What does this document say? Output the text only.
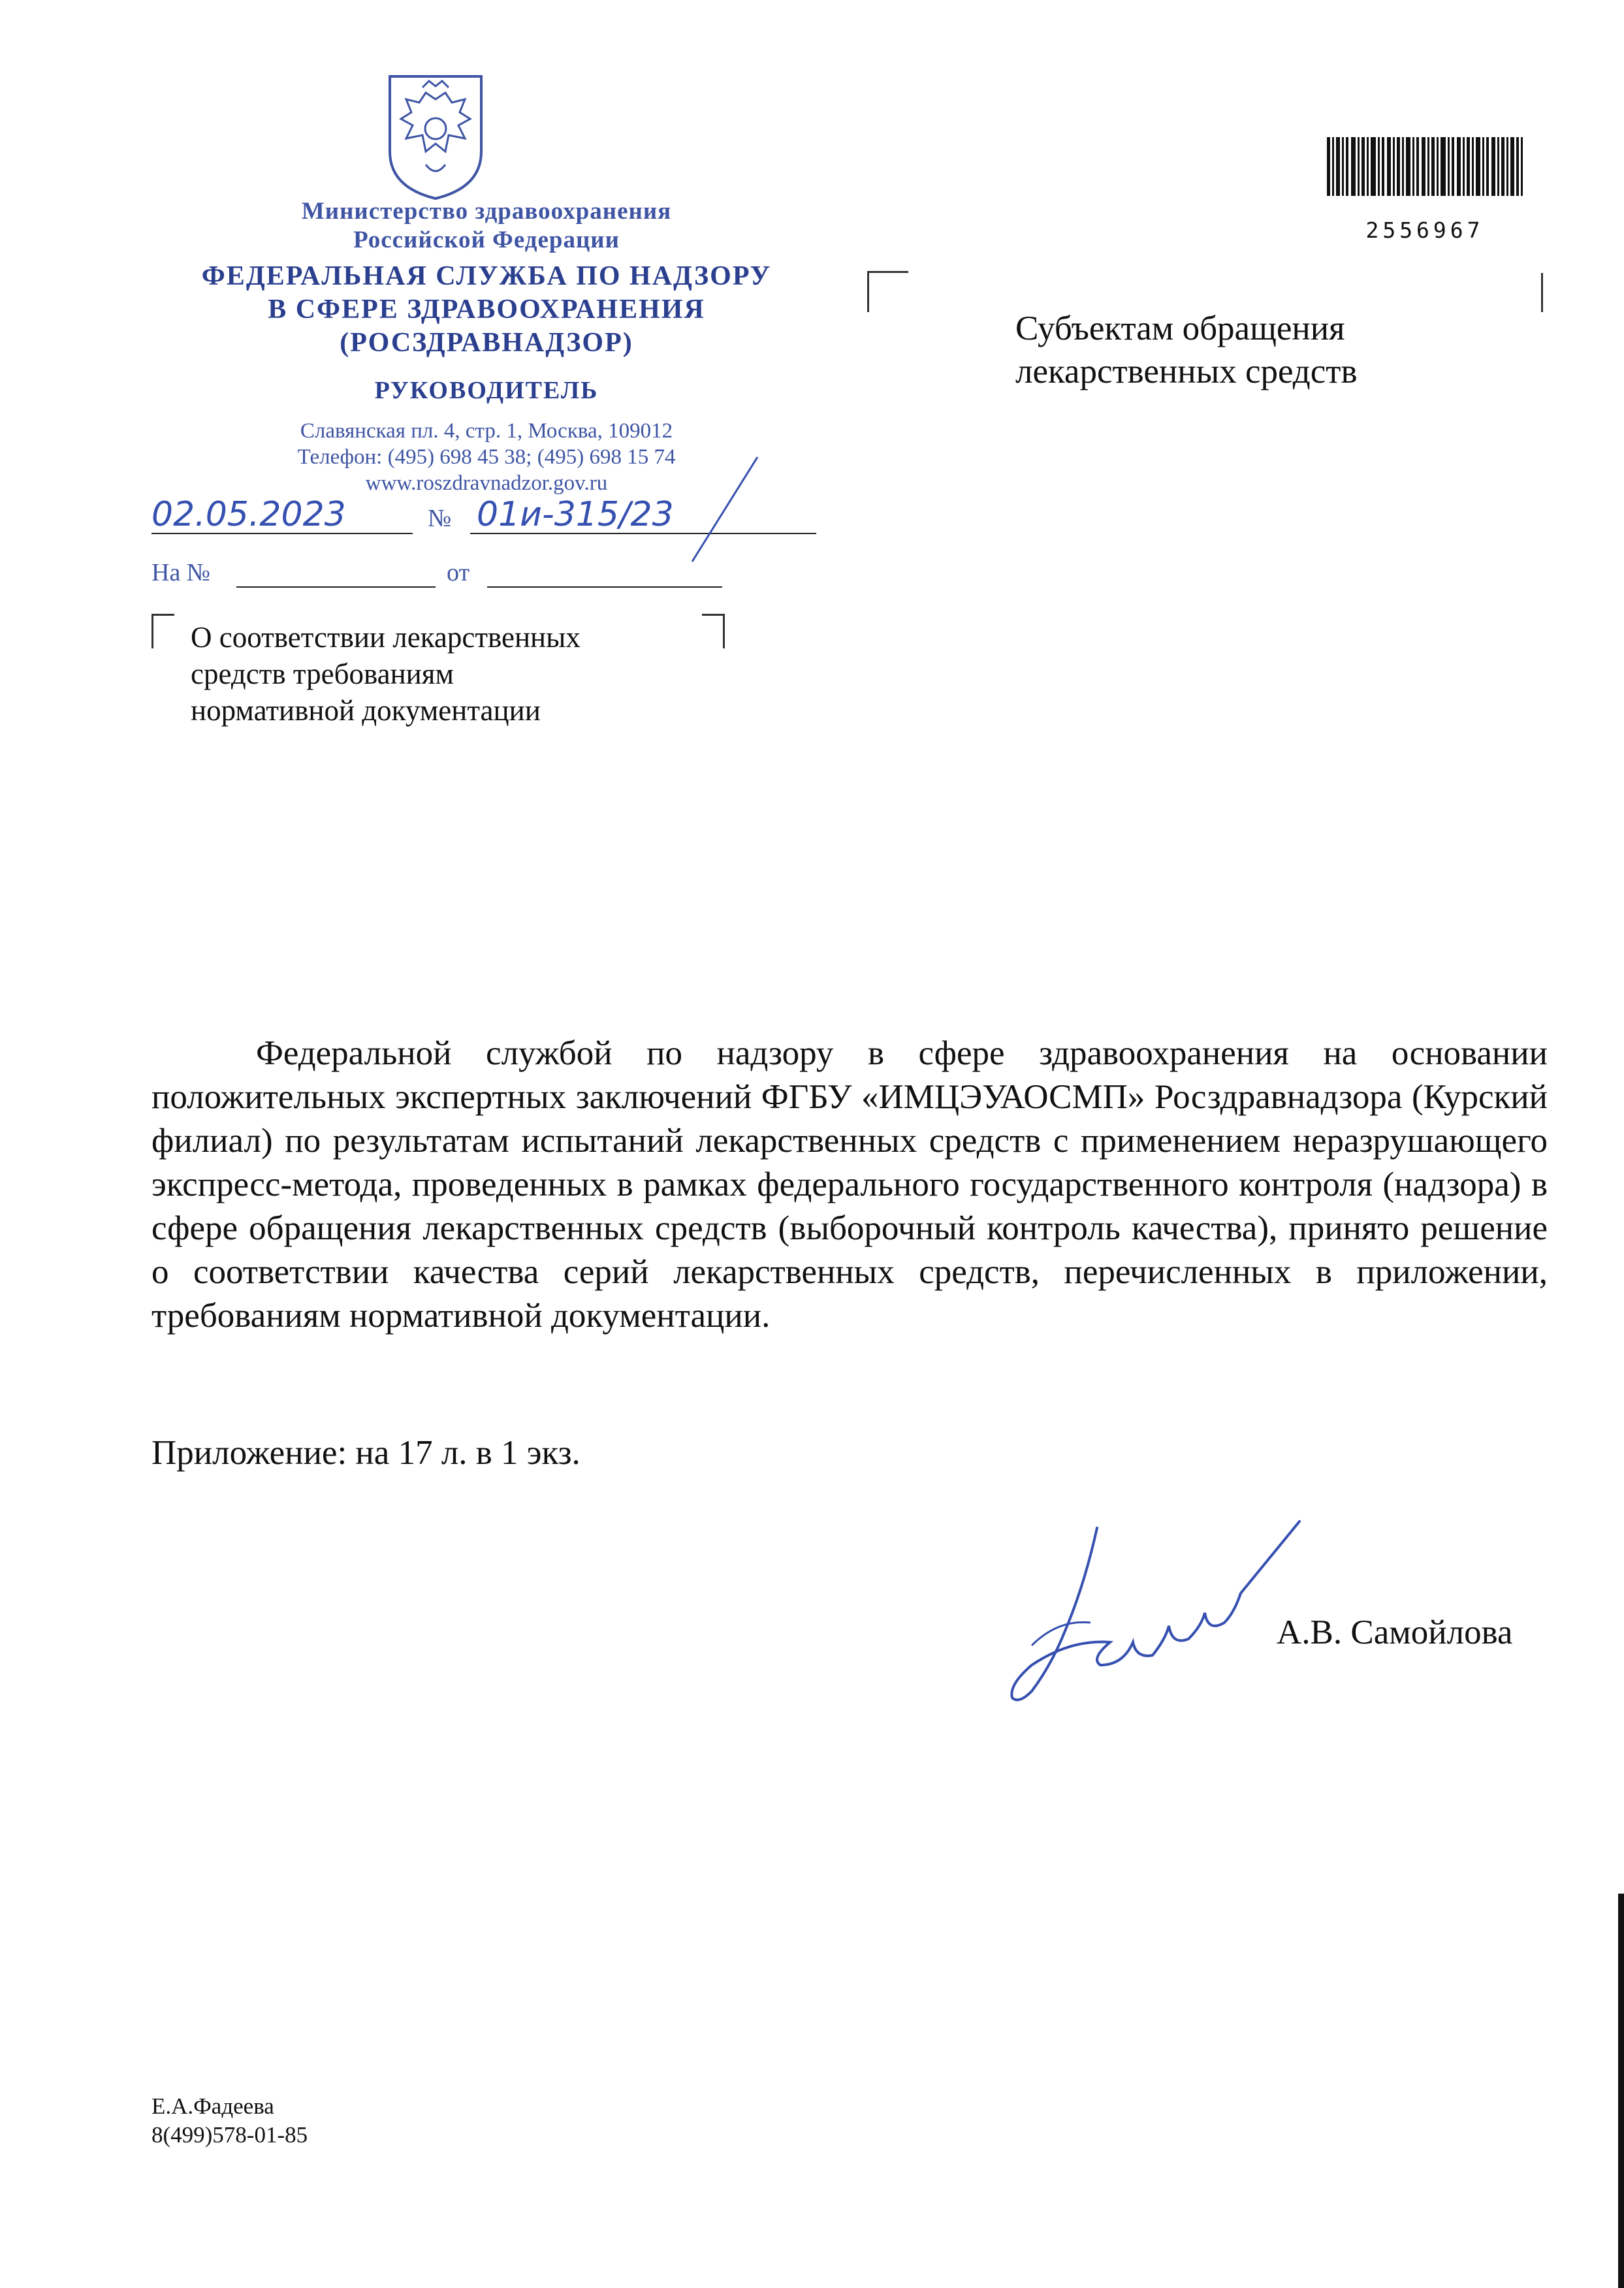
Министерство здравоохранения
Российской Федерации
ФЕДЕРАЛЬНАЯ СЛУЖБА ПО НАДЗОРУ
В СФЕРЕ ЗДРАВООХРАНЕНИЯ
(РОСЗДРАВНАДЗОР)
РУКОВОДИТЕЛЬ
Славянская пл. 4, стр. 1, Москва, 109012
Телефон: (495) 698 45 38; (495) 698 15 74
www.roszdravnadzor.gov.ru
02.05.2023	№ 01и-315/23
На №	от
О соответствии лекарственных
средств требованиям
нормативной документации
2556967
Субъектам обращения
лекарственных средств

Федеральной службой по надзору в сфере здравоохранения на основании положительных экспертных заключений ФГБУ «ИМЦЭУАОСМП» Росздравнадзора (Курский филиал) по результатам испытаний лекарственных средств с применением неразрушающего экспресс-метода, проведенных в рамках федерального государственного контроля (надзора) в сфере обращения лекарственных средств (выборочный контроль качества), принято решение о соответствии качества серий лекарственных средств, перечисленных в приложении, требованиям нормативной документации.

Приложение: на 17 л. в 1 экз.
А.В. Самойлова
Е.А.Фадеева
8(499)578-01-85
